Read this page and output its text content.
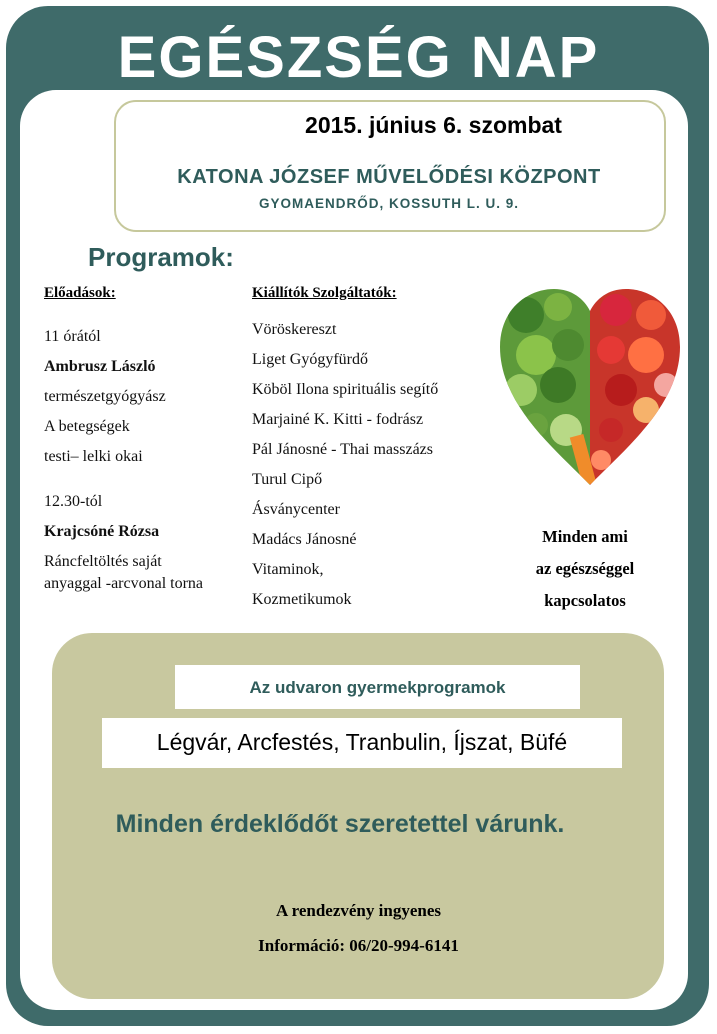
EGÉSZSÉG NAP
2015. június 6. szombat
KATONA JÓZSEF MŰVELŐDÉSI KÖZPONT
GYOMAENDRŐD, KOSSUTH L. U. 9.
Programok:
Előadások:	Kiállítók Szolgáltatók:
11 órától
Ambrusz László
természetgyógyász
A betegségek
testi– lelki okai
12.30-tól
Krajcsóné Rózsa
Ráncfeltöltés saját
anyaggal -arcvonal torna
Vöröskereszt
Liget Gyógyfürdő
Köböl Ilona spirituális segítő
Marjainé K. Kitti - fodrász
Pál Jánosné - Thai masszázs
Turul Cipő
Ásványcenter
Madács Jánosné
Vitaminok,
Kozmetikumok
Minden ami
az egészséggel
kapcsolatos
Az udvaron gyermekprogramok
Légvár, Arcfestés, Tranbulin, Íjszat, Büfé
Minden érdeklődőt szeretettel várunk.
A rendezvény ingyenes
Információ: 06/20-994-6141
